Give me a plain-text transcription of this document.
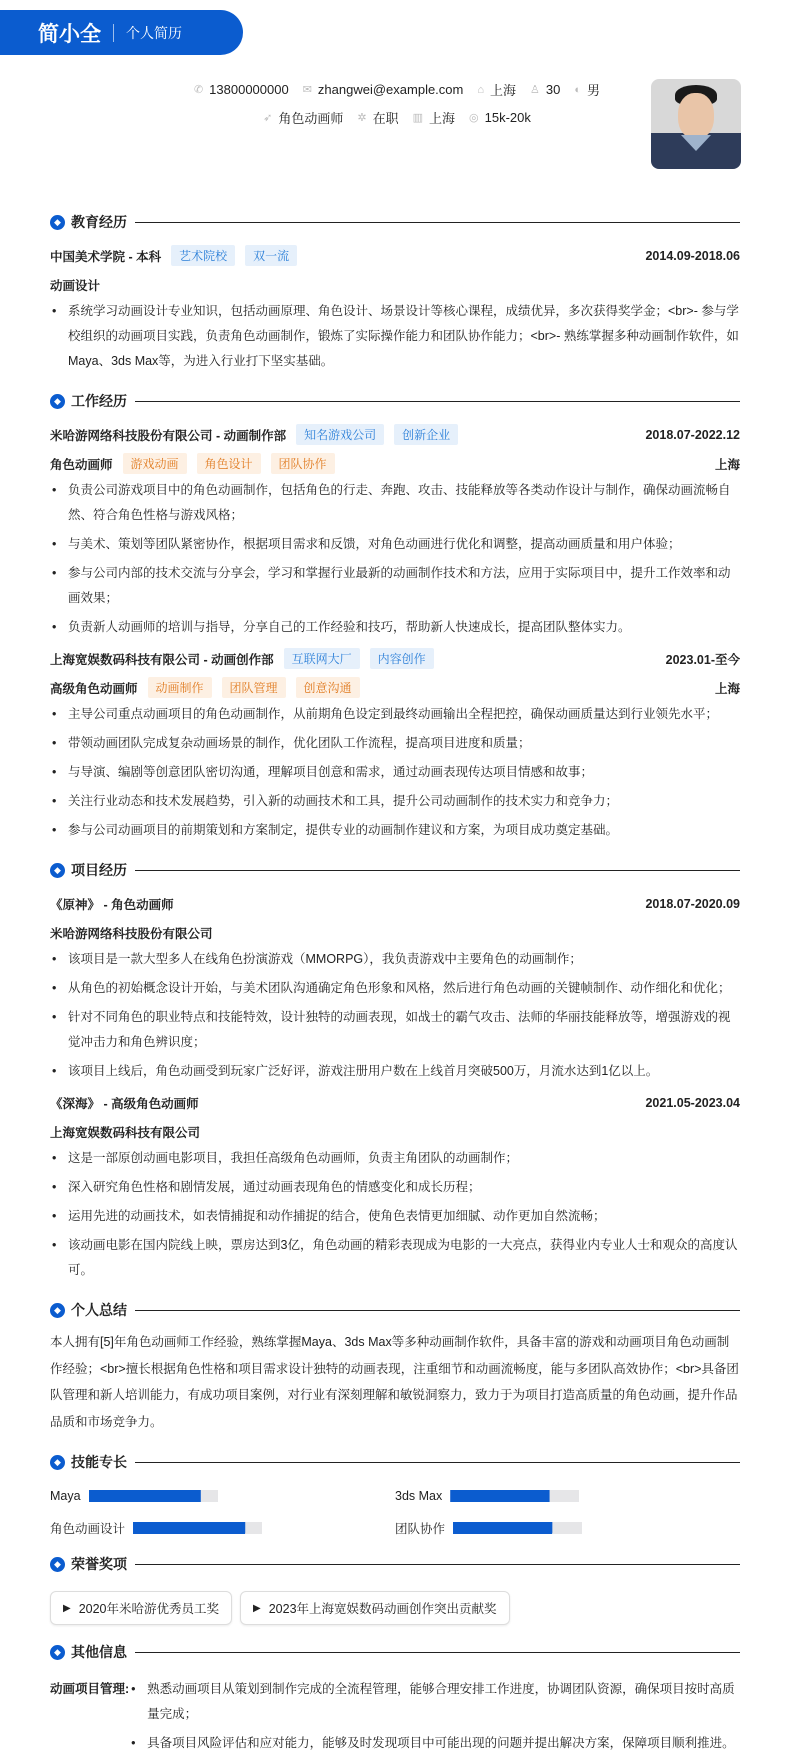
简小全 个人简历
✆ 13800000000 ✉ zhangwei@example.com ⌂ 上海 ♙ 30 ◐ 男
➶ 角色动画师 ✲ 在职 ▥ 上海 ◎ 15k-20k
◆ 教育经历
中国美术学院 - 本科	艺术院校	双一流	2014.09-2018.06
动画设计
• 系统学习动画设计专业知识，包括动画原理、角色设计、场景设计等核心课程，成绩优异，多次获得奖学金；<br>- 参与学校组织的动画项目实践，负责角色动画制作，锻炼了实际操作能力和团队协作能力；<br>- 熟练掌握多种动画制作软件，如Maya、3ds Max等，为进入行业打下坚实基础。
◆ 工作经历
米哈游网络科技股份有限公司 - 动画制作部	知名游戏公司	创新企业	2018.07-2022.12
角色动画师	游戏动画	角色设计	团队协作	上海
• 负责公司游戏项目中的角色动画制作，包括角色的行走、奔跑、攻击、技能释放等各类动作设计与制作，确保动画流畅自然、符合角色性格与游戏风格；
• 与美术、策划等团队紧密协作，根据项目需求和反馈，对角色动画进行优化和调整，提高动画质量和用户体验；
• 参与公司内部的技术交流与分享会，学习和掌握行业最新的动画制作技术和方法，应用于实际项目中，提升工作效率和动画效果；
• 负责新人动画师的培训与指导，分享自己的工作经验和技巧，帮助新人快速成长，提高团队整体实力。
上海宽娱数码科技有限公司 - 动画创作部	互联网大厂	内容创作	2023.01-至今
高级角色动画师	动画制作	团队管理	创意沟通	上海
• 主导公司重点动画项目的角色动画制作，从前期角色设定到最终动画输出全程把控，确保动画质量达到行业领先水平；
• 带领动画团队完成复杂动画场景的制作，优化团队工作流程，提高项目进度和质量；
• 与导演、编剧等创意团队密切沟通，理解项目创意和需求，通过动画表现传达项目情感和故事；
• 关注行业动态和技术发展趋势，引入新的动画技术和工具，提升公司动画制作的技术实力和竞争力；
• 参与公司动画项目的前期策划和方案制定，提供专业的动画制作建议和方案，为项目成功奠定基础。
◆ 项目经历
《原神》 - 角色动画师	2018.07-2020.09
米哈游网络科技股份有限公司
• 该项目是一款大型多人在线角色扮演游戏（MMORPG），我负责游戏中主要角色的动画制作；
• 从角色的初始概念设计开始，与美术团队沟通确定角色形象和风格，然后进行角色动画的关键帧制作、动作细化和优化；
• 针对不同角色的职业特点和技能特效，设计独特的动画表现，如战士的霸气攻击、法师的华丽技能释放等，增强游戏的视觉冲击力和角色辨识度；
• 该项目上线后，角色动画受到玩家广泛好评，游戏注册用户数在上线首月突破500万，月流水达到1亿以上。
《深海》 - 高级角色动画师	2021.05-2023.04
上海宽娱数码科技有限公司
• 这是一部原创动画电影项目，我担任高级角色动画师，负责主角团队的动画制作；
• 深入研究角色性格和剧情发展，通过动画表现角色的情感变化和成长历程；
• 运用先进的动画技术，如表情捕捉和动作捕捉的结合，使角色表情更加细腻、动作更加自然流畅；
• 该动画电影在国内院线上映，票房达到3亿，角色动画的精彩表现成为电影的一大亮点，获得业内专业人士和观众的高度认可。
◆ 个人总结

本人拥有[5]年角色动画师工作经验，熟练掌握Maya、3ds Max等多种动画制作软件，具备丰富的游戏和动画项目角色动画制作经验；<br>擅长根据角色性格和项目需求设计独特的动画表现，注重细节和动画流畅度，能与多团队高效协作；<br>具备团队管理和新人培训能力，有成功项目案例，对行业有深刻理解和敏锐洞察力，致力于为项目打造高质量的角色动画，提升作品品质和市场竞争力。

◆ 技能专长
Maya	3ds Max
角色动画设计	团队协作
◆ 荣誉奖项
▶ 2020年米哈游优秀员工奖	▶ 2023年上海宽娱数码动画创作突出贡献奖
◆ 其他信息
动画项目管理:	• 熟悉动画项目从策划到制作完成的全流程管理，能够合理安排工作进度，协调团队资源，确保项目按时高质量完成；
• 具备项目风险评估和应对能力，能够及时发现项目中可能出现的问题并提出解决方案，保障项目顺利推进。
